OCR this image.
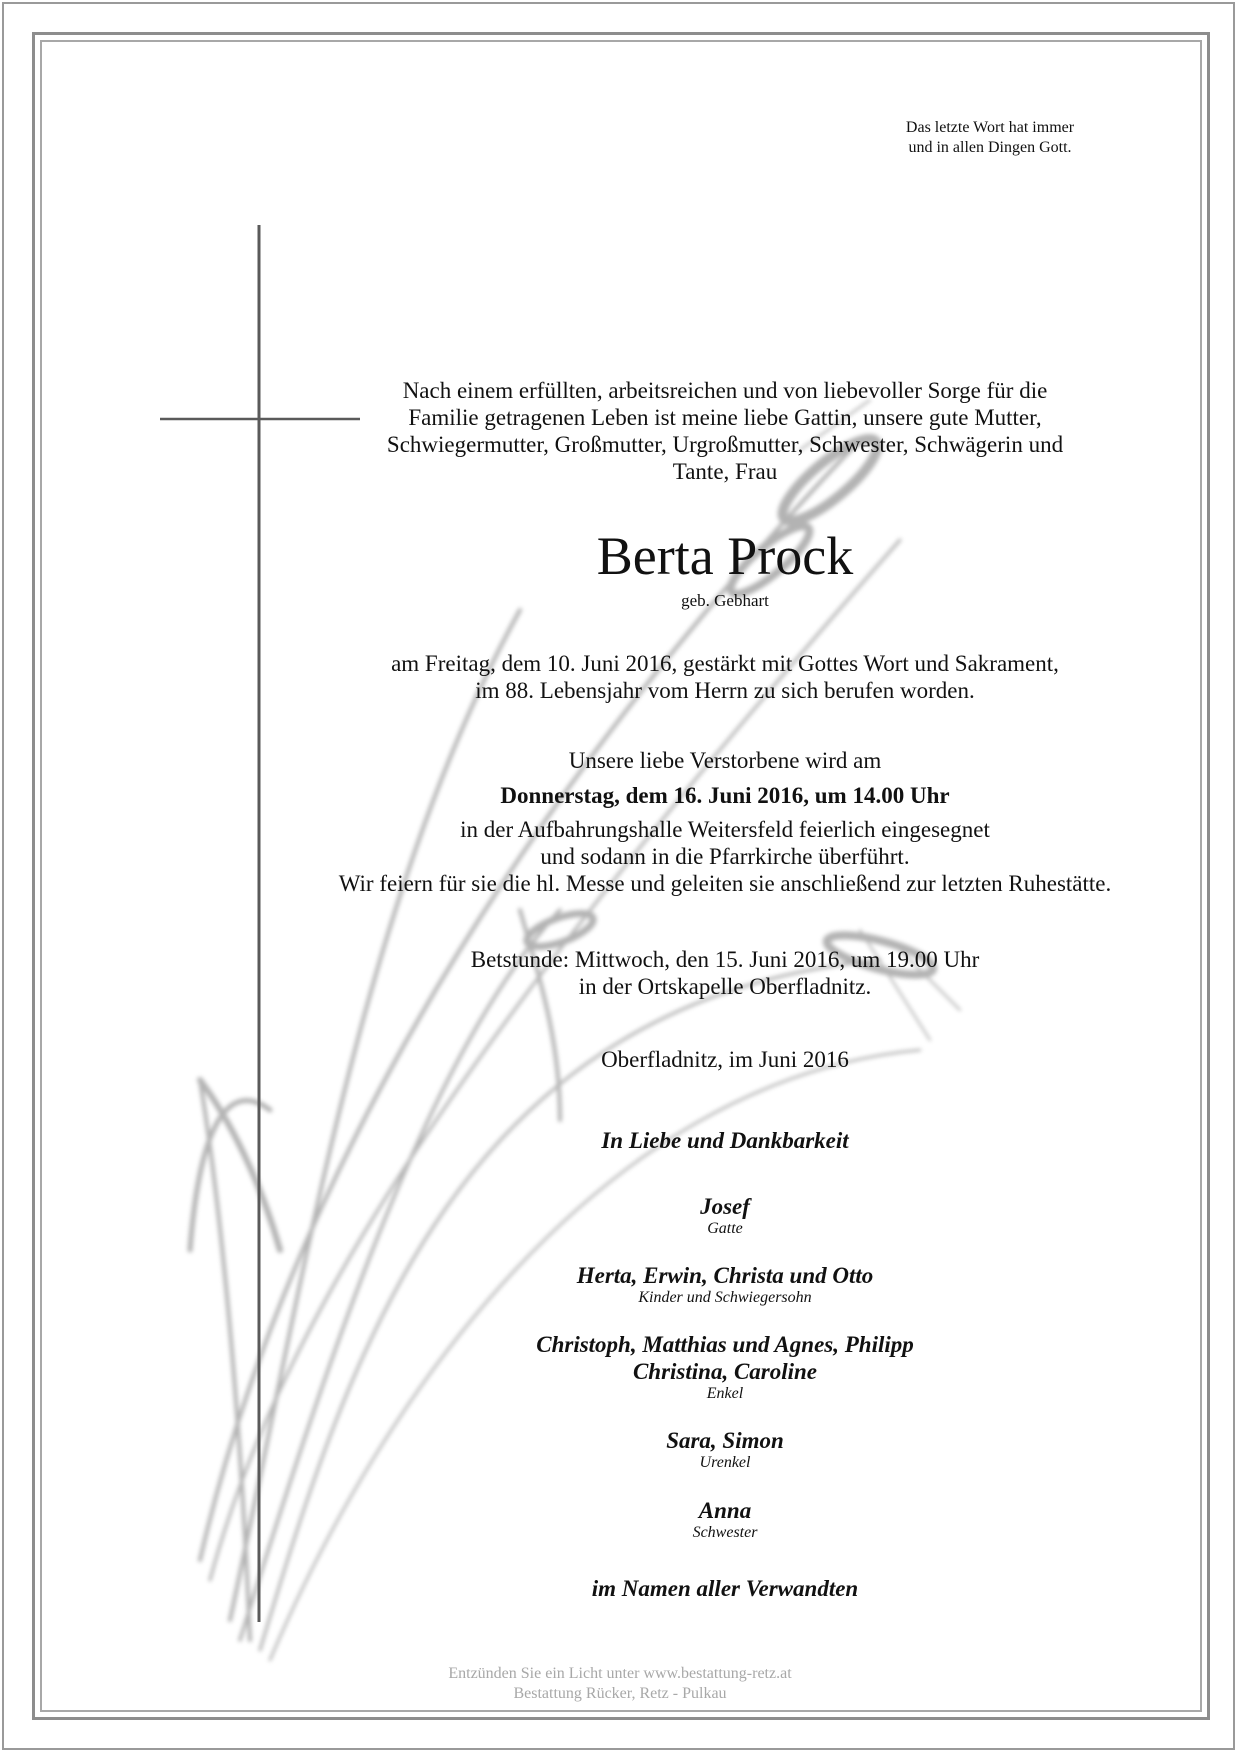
Das letzte Wort hat immer
und in allen Dingen Gott.
Nach einem erfüllten, arbeitsreichen und von liebevoller Sorge für die
Familie getragenen Leben ist meine liebe Gattin, unsere gute Mutter,
Schwiegermutter, Großmutter, Urgroßmutter, Schwester, Schwägerin und
Tante, Frau
Berta Prock
geb. Gebhart
am Freitag, dem 10. Juni 2016, gestärkt mit Gottes Wort und Sakrament,
im 88. Lebensjahr vom Herrn zu sich berufen worden.
Unsere liebe Verstorbene wird am
Donnerstag, dem 16. Juni 2016, um 14.00 Uhr
in der Aufbahrungshalle Weitersfeld feierlich eingesegnet
und sodann in die Pfarrkirche überführt.
Wir feiern für sie die hl. Messe und geleiten sie anschließend zur letzten Ruhestätte.
Betstunde: Mittwoch, den 15. Juni 2016, um 19.00 Uhr
in der Ortskapelle Oberfladnitz.
Oberfladnitz, im Juni 2016
In Liebe und Dankbarkeit
Josef
Gatte
Herta, Erwin, Christa und Otto
Kinder und Schwiegersohn
Christoph, Matthias und Agnes, Philipp
Christina, Caroline
Enkel
Sara, Simon
Urenkel
Anna
Schwester
im Namen aller Verwandten
Entzünden Sie ein Licht unter www.bestattung-retz.at
Bestattung Rücker, Retz - Pulkau
